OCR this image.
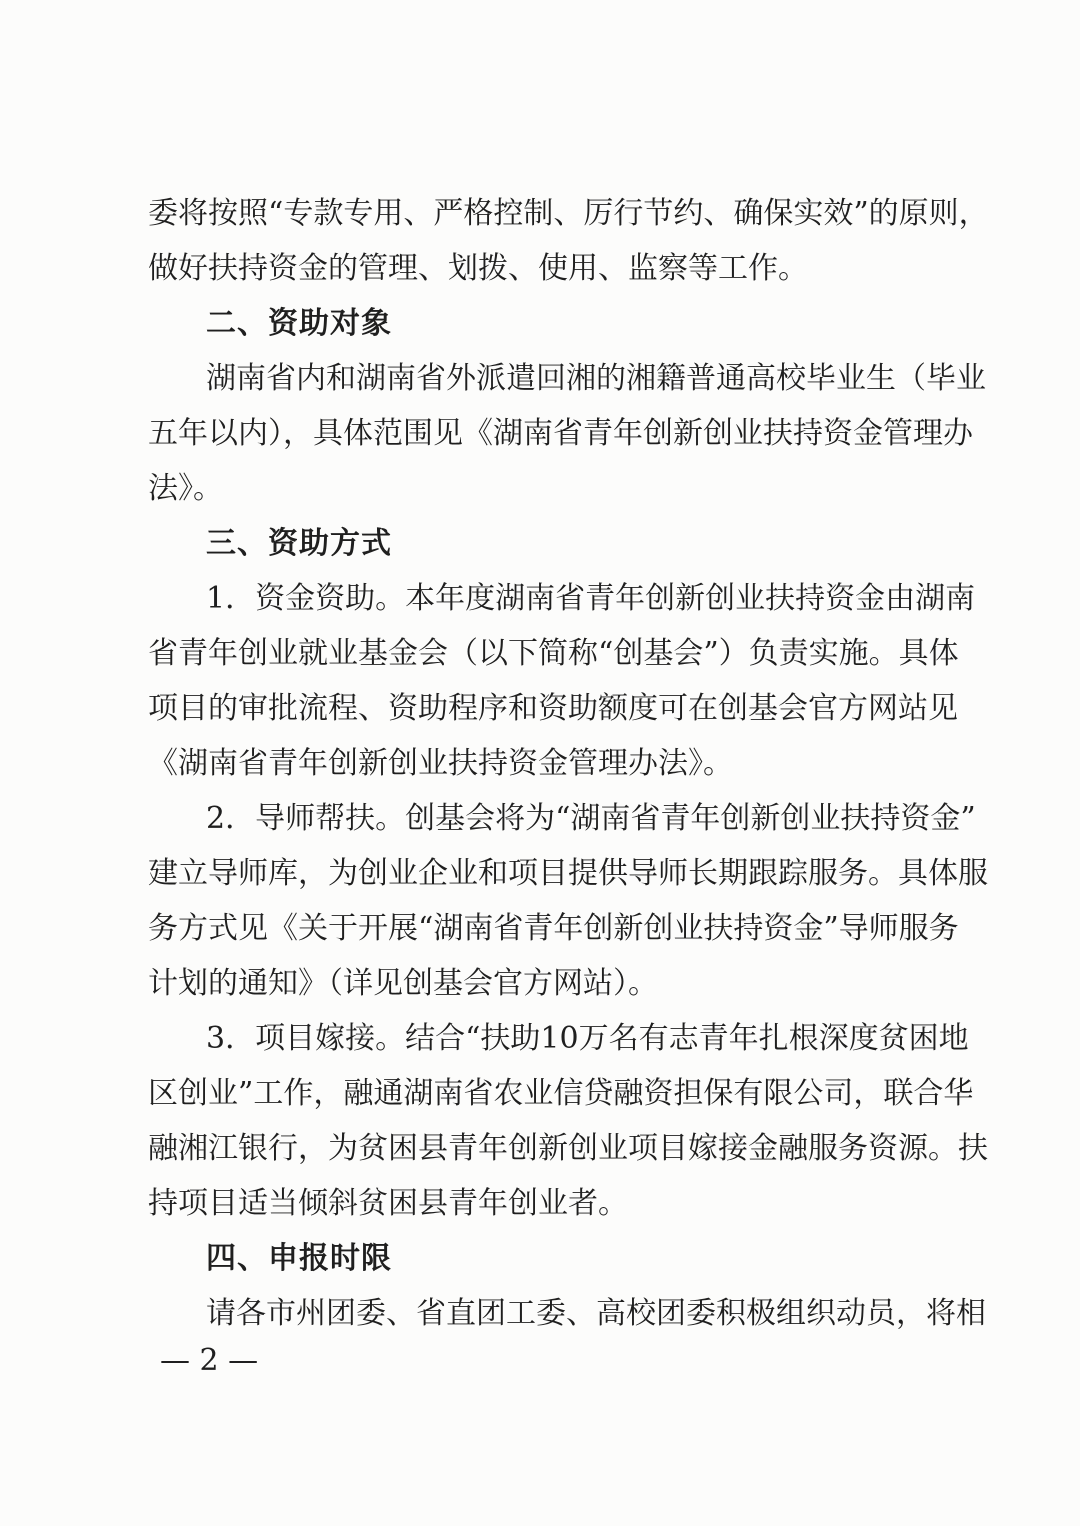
委将按照“专款专用、严格控制、厉行节约、确保实效”的原则，
做好扶持资金的管理、划拨、使用、监察等工作。
二、资助对象
湖南省内和湖南省外派遣回湘的湘籍普通高校毕业生（毕业
五年以内），具体范围见《湖南省青年创新创业扶持资金管理办
法》。
三、资助方式
1．资金资助。本年度湖南省青年创新创业扶持资金由湖南
省青年创业就业基金会（以下简称“创基会”）负责实施。具体
项目的审批流程、资助程序和资助额度可在创基会官方网站见
《湖南省青年创新创业扶持资金管理办法》。
2．导师帮扶。创基会将为“湖南省青年创新创业扶持资金”
建立导师库，为创业企业和项目提供导师长期跟踪服务。具体服
务方式见《关于开展“湖南省青年创新创业扶持资金”导师服务
计划的通知》（详见创基会官方网站）。
3．项目嫁接。结合“扶助10万名有志青年扎根深度贫困地
区创业”工作，融通湖南省农业信贷融资担保有限公司，联合华
融湘江银行，为贫困县青年创新创业项目嫁接金融服务资源。扶
持项目适当倾斜贫困县青年创业者。
四、申报时限
请各市州团委、省直团工委、高校团委积极组织动员，将相
— 2 —
